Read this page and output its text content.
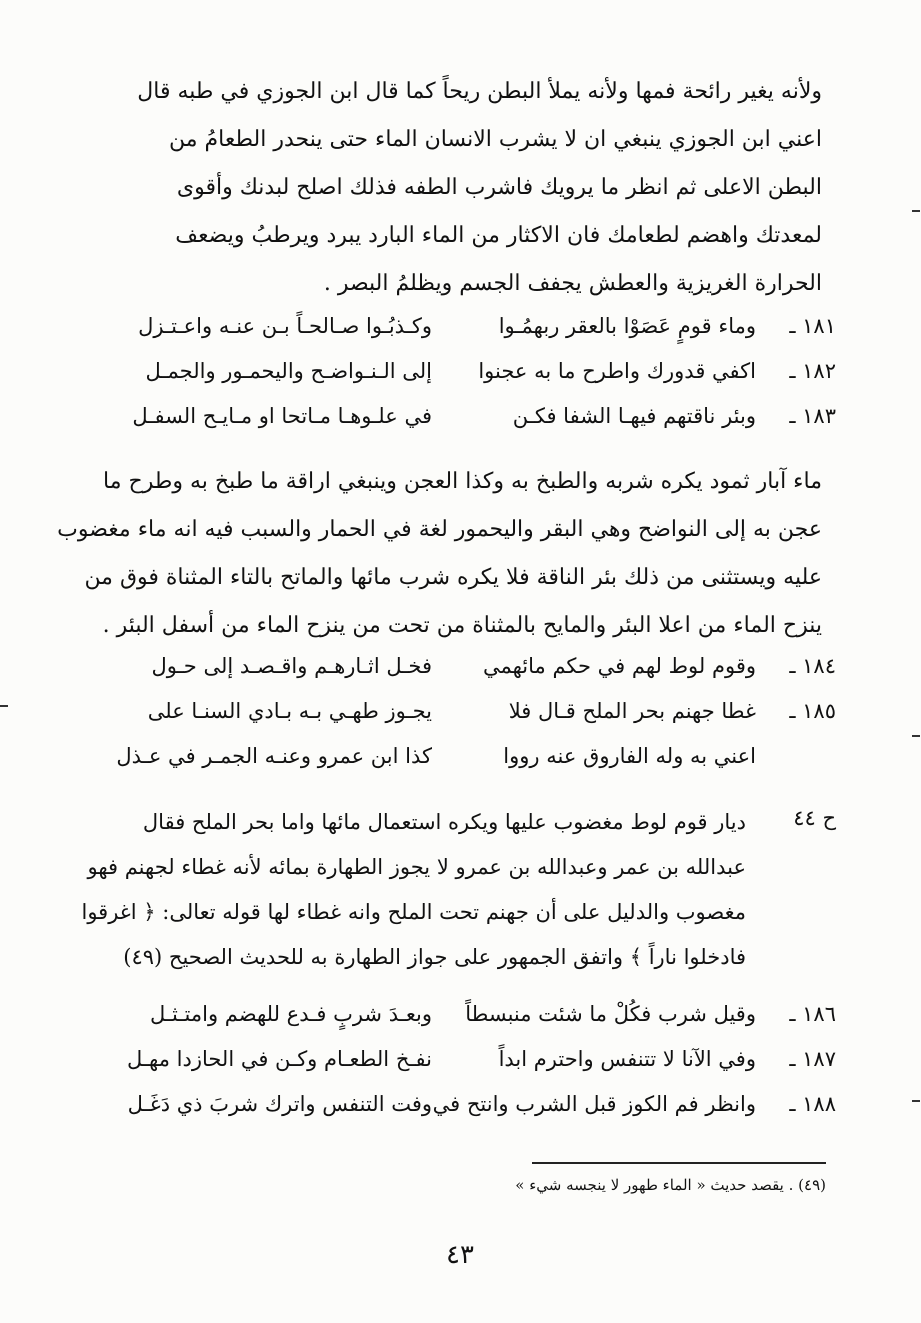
ولأنه يغير رائحة فمها ولأنه يملأ البطن ريحاً كما قال ابن الجوزي في طبه قال
اعني ابن الجوزي ينبغي ان لا يشرب الانسان الماء حتى ينحدر الطعامُ من
البطن الاعلى ثم انظر ما يرويك فاشرب الطفه فذلك اصلح لبدنك وأقوى
لمعدتك واهضم لطعامك فان الاكثار من الماء البارد يبرد ويرطبُ ويضعف
الحرارة الغريزية والعطش يجفف الجسم ويظلمُ البصر .
١٨١ ـ
وماء قومٍ عَصَوْا بالعقر ربهمُـوا
وكـذبُـوا صـالحـاً بـن عنـه واعـتـزل
١٨٢ ـ
اكفي قدورك واطرح ما به عجنوا
إلى الـنـواضـح واليحمـور والجمـل
١٨٣ ـ
وبئر ناقتهم فيهـا الشفا فكـن
في علـوهـا مـاتحا او مـايـح السفـل
ماء آبار ثمود يكره شربه والطبخ به وكذا العجن وينبغي اراقة ما طبخ به وطرح ما
عجن به إلى النواضح وهي البقر واليحمور لغة في الحمار والسبب فيه انه ماء مغضوب
عليه ويستثنى من ذلك بئر الناقة فلا يكره شرب مائها والماتح بالتاء المثناة فوق من
ينزح الماء من اعلا البئر والمايح بالمثناة من تحت من ينزح الماء من أسفل البئر .
١٨٤ ـ
وقوم لوط لهم في حكم مائهمي
فخـل اثـارهـم واقـصـد إلى حـول
١٨٥ ـ
غطا جهنم بحر الملح قـال فلا
يجـوز طهـي بـه بـادي السنـا على
اعني به وله الفاروق عنه رووا
كذا ابن عمرو وعنـه الجمـر في عـذل
ح ٤٤
ديار قوم لوط مغضوب عليها ويكره استعمال مائها واما بحر الملح فقال
عبدالله بن عمر وعبدالله بن عمرو لا يجوز الطهارة بمائه لأنه غطاء لجهنم فهو
مغصوب والدليل على أن جهنم تحت الملح وانه غطاء لها قوله تعالى: ﴿ اغرقوا
فادخلوا ناراً ﴾ واتفق الجمهور على جواز الطهارة به للحديث الصحيح (٤٩)
١٨٦ ـ
وقيل شرب فكُلْ ما شئت منبسطاً
وبعـدَ شربٍ فـدع للهضم وامتـثـل
١٨٧ ـ
وفي الآنا لا تتنفس واحترم ابداً
نفـخ الطعـام وكـن في الحازدا مهـل
١٨٨ ـ
وانظر فم الكوز قبل الشرب وانتح في
وفت التنفس واترك شربَ ذي دَغَـل
(٤٩) . يقصد حديث « الماء طهور لا ينجسه شيء »
٤٣
